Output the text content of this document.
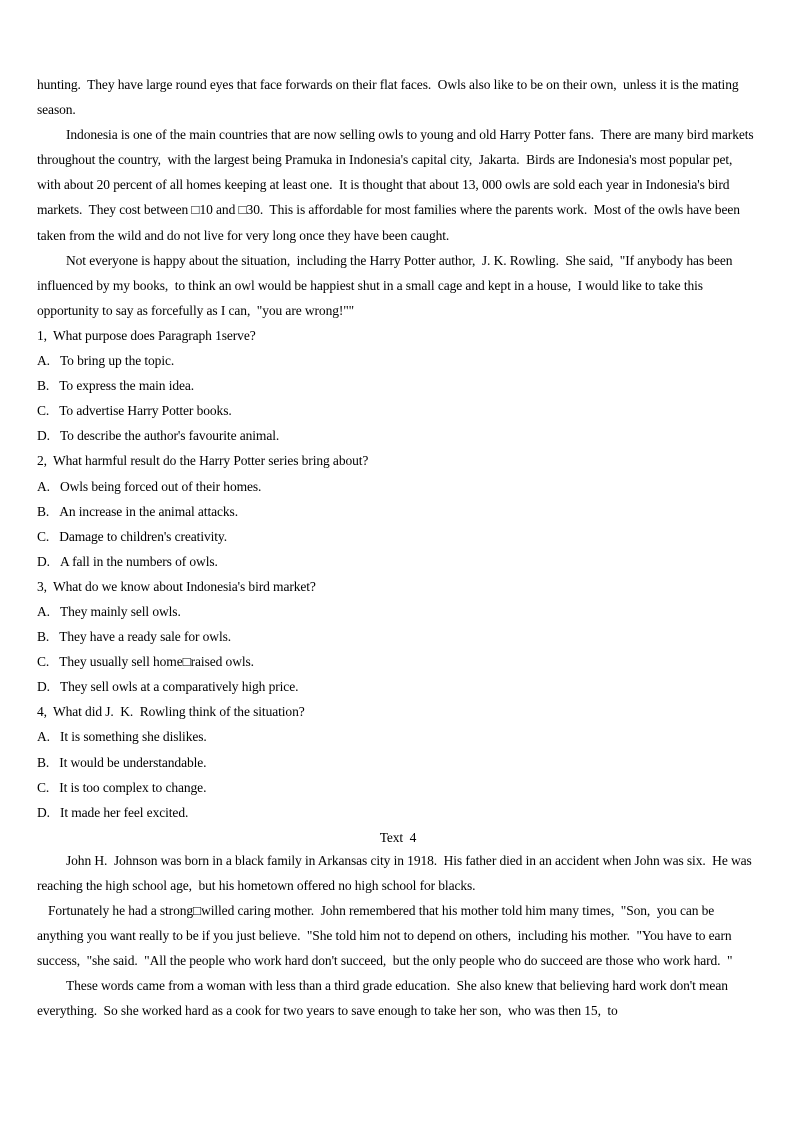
hunting.  They have large round eyes that face forwards on their flat faces.  Owls also like to be on their own,  unless it is the mating season.

Indonesia is one of the main countries that are now selling owls to young and old Harry Potter fans.  There are many bird markets throughout the country,  with the largest being Pramuka in Indonesia's capital city,  Jakarta.  Birds are Indonesia's most popular pet,  with about 20 percent of all homes keeping at least one.  It is thought that about 13, 000 owls are sold each year in Indonesia's bird markets.  They cost between □10 and □30.  This is affordable for most families where the parents work.  Most of the owls have been taken from the wild and do not live for very long once they have been caught.

Not everyone is happy about the situation,  including the Harry Potter author,  J. K. Rowling.  She said,  "If anybody has been influenced by my books,  to think an owl would be happiest shut in a small cage and kept in a house,  I would like to take this opportunity to say as forcefully as I can,  "you are wrong!""

1, What purpose does Paragraph 1serve?

A. To bring up the topic.

B. To express the main idea.

C. To advertise Harry Potter books.

D. To describe the author's favourite animal.

2, What harmful result do the Harry Potter series bring about?

A. Owls being forced out of their homes.

B. An increase in the animal attacks.

C. Damage to children's creativity.

D. A fall in the numbers of owls.

3, What do we know about Indonesia's bird market?

A. They mainly sell owls.

B. They have a ready sale for owls.

C. They usually sell home□raised owls.

D. They sell owls at a comparatively high price.

4, What did J.  K.  Rowling think of the situation?

A. It is something she dislikes.

B. It would be understandable.

C. It is too complex to change.

D. It made her feel excited.

Text  4

John H.  Johnson was born in a black family in Arkansas city in 1918.  His father died in an accident when John was six.  He was reaching the high school age,  but his hometown offered no high school for blacks.

Fortunately he had a strong□willed caring mother.  John remembered that his mother told him many times,  "Son,  you can be anything you want really to be if you just believe.  "She told him not to depend on others,  including his mother.  "You have to earn success,  "she said.  "All the people who work hard don't succeed,  but the only people who do succeed are those who work hard.  "

These words came from a woman with less than a third grade education.  She also knew that believing hard work don't mean everything.  So she worked hard as a cook for two years to save enough to take her son,  who was then 15,  to
